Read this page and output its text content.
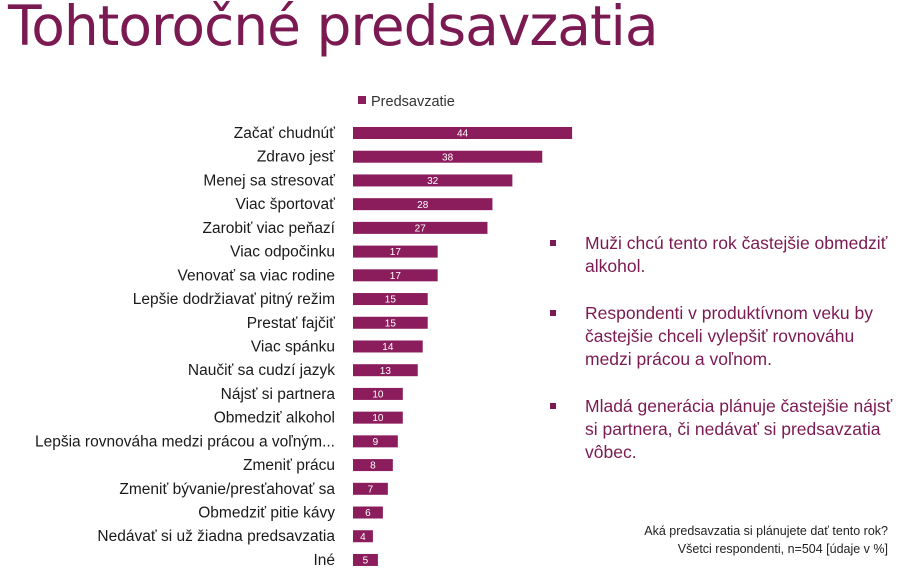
Tohtoročné predsavzatia
Predsavzatie
Začať chudnúť	44
Zdravo jesť	38
Menej sa stresovať	32
Viac športovať	28
Zarobiť viac peňazí	27
Viac odpočinku	17
Venovať sa viac rodine	17
Lepšie dodržiavať pitný režim	15
Prestať fajčiť	15
Viac spánku	14
Naučiť sa cudzí jazyk	13
Nájsť si partnera	10
Obmedziť alkohol	10
Lepšia rovnováha medzi prácou a voľným...	9
Zmeniť prácu	8
Zmeniť bývanie/presťahovať sa	7
Obmedziť pitie kávy	6
Nedávať si už žiadna predsavzatia	4
Iné	5
Muži chcú tento rok častejšie obmedziť alkohol.
Respondenti v produktívnom veku by častejšie chceli vylepšiť rovnováhu medzi prácou a voľnom.
Mladá generácia plánuje častejšie nájsť si partnera, či nedávať si predsavzatia vôbec.
Aká predsavzatia si plánujete dať tento rok?
Všetci respondenti, n=504 [údaje v %]
